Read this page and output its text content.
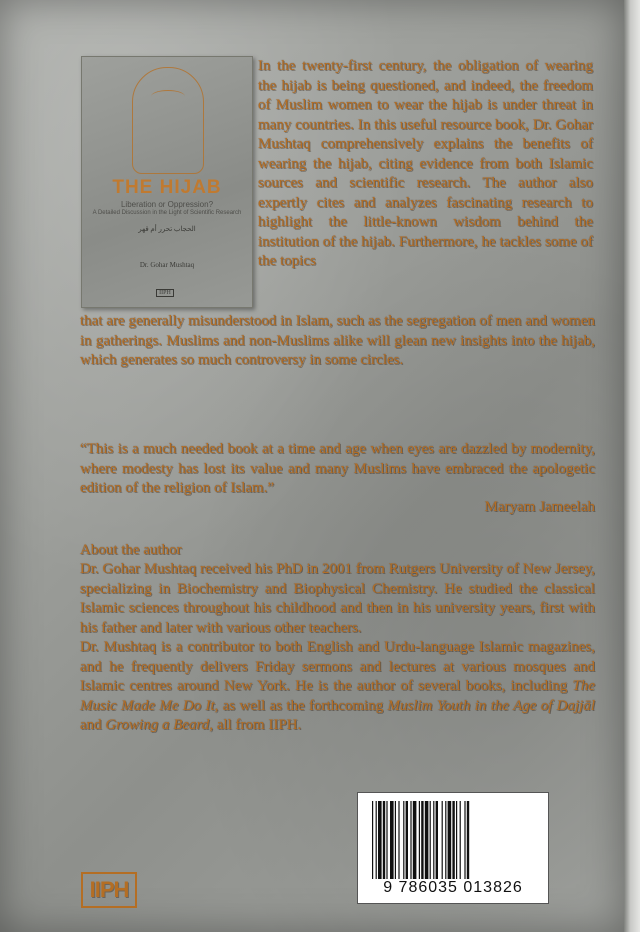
THE HIJAB
Liberation or Oppression?
A Detailed Discussion in the Light of Scientific Research
الحجاب تحرر أم قهر
Dr. Gohar Mushtaq
IIPH

In the twenty-first century, the obligation of wearing the hijab is being questioned, and indeed, the freedom of Muslim women to wear the hijab is under threat in many countries. In this useful resource book, Dr. Gohar Mushtaq comprehensively explains the benefits of wearing the hijab, citing evidence from both Islamic sources and scientific research. The author also expertly cites and analyzes fascinating research to highlight the little-known wisdom behind the institution of the hijab. Furthermore, he tackles some of the topics

that are generally misunderstood in Islam, such as the segregation of men and women in gatherings. Muslims and non-Muslims alike will glean new insights into the hijab, which generates so much controversy in some circles.

“This is a much needed book at a time and age when eyes are dazzled by modernity, where modesty has lost its value and many Muslims have embraced the apologetic edition of the religion of Islam.”

Maryam Jameelah

About the author

Dr. Gohar Mushtaq received his PhD in 2001 from Rutgers University of New Jersey, specializing in Biochemistry and Biophysical Chemistry. He studied the classical Islamic sciences throughout his childhood and then in his university years, first with his father and later with various other teachers.

Dr. Mushtaq is a contributor to both English and Urdu-language Islamic magazines, and he frequently delivers Friday sermons and lectures at various mosques and Islamic centres around New York. He is the author of several books, including The Music Made Me Do It, as well as the forthcoming Muslim Youth in the Age of Dajjāl and Growing a Beard, all from IIPH.

9 786035 013826
IIPH
